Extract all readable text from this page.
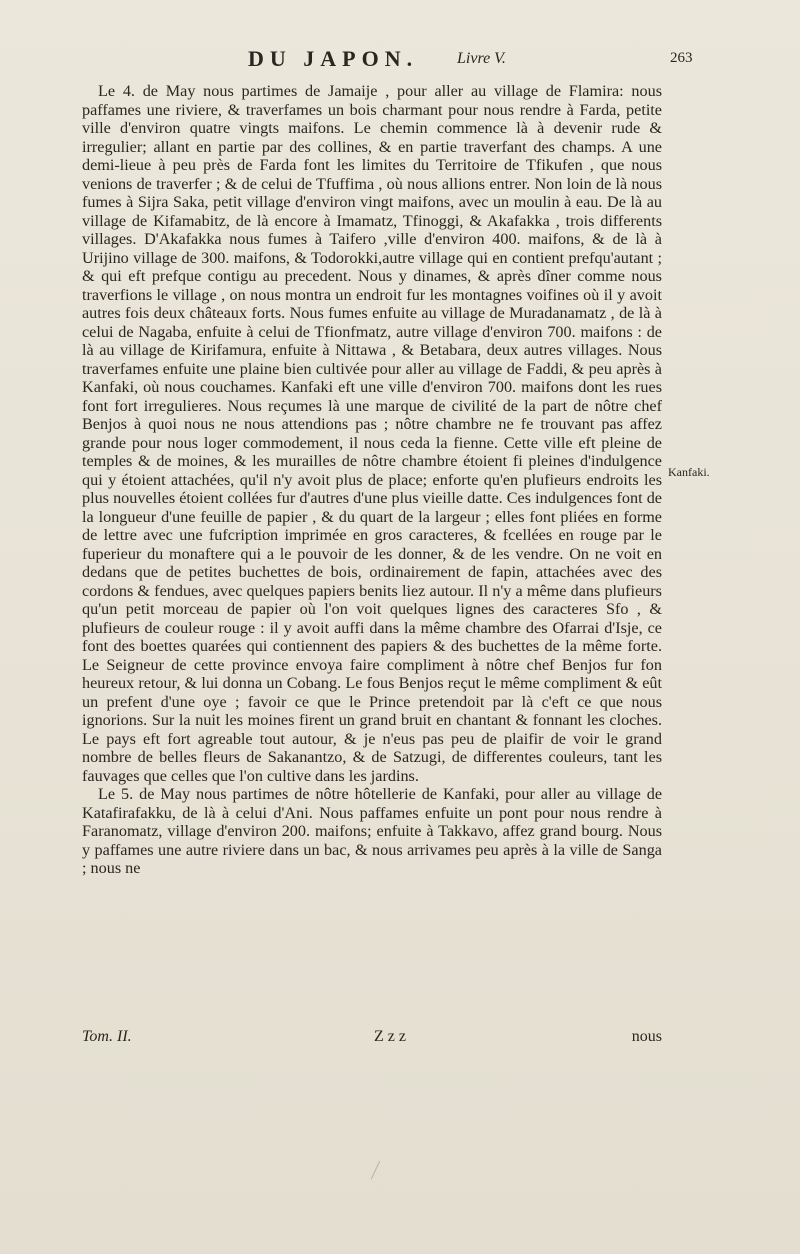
DU JAPON. Livre V.	263

Le 4. de May nous partimes de Jamaije , pour aller au village de Flamira: nous paffames une riviere, & traverfames un bois charmant pour nous rendre à Farda, petite ville d'environ quatre vingts maifons. Le chemin commence là à devenir rude & irregulier; allant en partie par des collines, & en partie traverfant des champs. A une demi-lieue à peu près de Farda font les limites du Territoire de Tfikufen , que nous venions de traverfer ; & de celui de Tfuffima , où nous allions entrer. Non loin de là nous fumes à Sijra Saka, petit village d'environ vingt maifons, avec un moulin à eau. De là au village de Kifamabitz, de là encore à Imamatz, Tfinoggi, & Akafakka , trois differents villages. D'Akafakka nous fumes à Taifero ,ville d'environ 400. maifons, & de là à Urijino village de 300. maifons, & Todorokki,autre village qui en contient prefqu'autant ; & qui eft prefque contigu au precedent. Nous y dinames, & après dîner comme nous traverfions le village , on nous montra un endroit fur les montagnes voifines où il y avoit autres fois deux châteaux forts. Nous fumes enfuite au village de Muradanamatz , de là à celui de Nagaba, enfuite à celui de Tfionfmatz, autre village d'environ 700. maifons : de là au village de Kirifamura, enfuite à Nittawa , & Betabara, deux autres villages. Nous traverfames enfuite une plaine bien cultivée pour aller au village de Faddi, & peu après à Kanfaki, où nous couchames. Kanfaki eft une ville d'environ 700. maifons dont les rues font fort irregulieres. Nous reçumes là une marque de civilité de la part de nôtre chef Benjos à quoi nous ne nous attendions pas ; nôtre chambre ne fe trouvant pas affez grande pour nous loger commodement, il nous ceda la fienne. Cette ville eft pleine de temples & de moines, & les murailles de nôtre chambre étoient fi pleines d'indulgence qui y étoient attachées, qu'il n'y avoit plus de place; enforte qu'en plufieurs endroits les plus nouvelles étoient collées fur d'autres d'une plus vieille datte. Ces indulgences font de la longueur d'une feuille de papier , & du quart de la largeur ; elles font pliées en forme de lettre avec une fufcription imprimée en gros caracteres, & fcellées en rouge par le fuperieur du monaftere qui a le pouvoir de les donner, & de les vendre. On ne voit en dedans que de petites buchettes de bois, ordinairement de fapin, attachées avec des cordons & fendues, avec quelques papiers benits liez autour. Il n'y a même dans plufieurs qu'un petit morceau de papier où l'on voit quelques lignes des caracteres Sfo , & plufieurs de couleur rouge : il y avoit auffi dans la même chambre des Ofarrai d'Isje, ce font des boettes quarées qui contiennent des papiers & des buchettes de la même forte. Le Seigneur de cette province envoya faire compliment à nôtre chef Benjos fur fon heureux retour, & lui donna un Cobang. Le fous Benjos reçut le même compliment & eût un prefent d'une oye ; favoir ce que le Prince pretendoit par là c'eft ce que nous ignorions. Sur la nuit les moines firent un grand bruit en chantant & fonnant les cloches. Le pays eft fort agreable tout autour, & je n'eus pas peu de plaifir de voir le grand nombre de belles fleurs de Sakanantzo, & de Satzugi, de differentes couleurs, tant les fauvages que celles que l'on cultive dans les jardins.

Le 5. de May nous partimes de nôtre hôtellerie de Kanfaki, pour aller au village de Katafirafakku, de là à celui d'Ani. Nous paffames enfuite un pont pour nous rendre à Faranomatz, village d'environ 200. maifons; enfuite à Takkavo, affez grand bourg. Nous y paffames une autre riviere dans un bac, & nous arrivames peu après à la ville de Sanga ; nous ne

Kanfaki.
Tom. II.	Z z z	nous
